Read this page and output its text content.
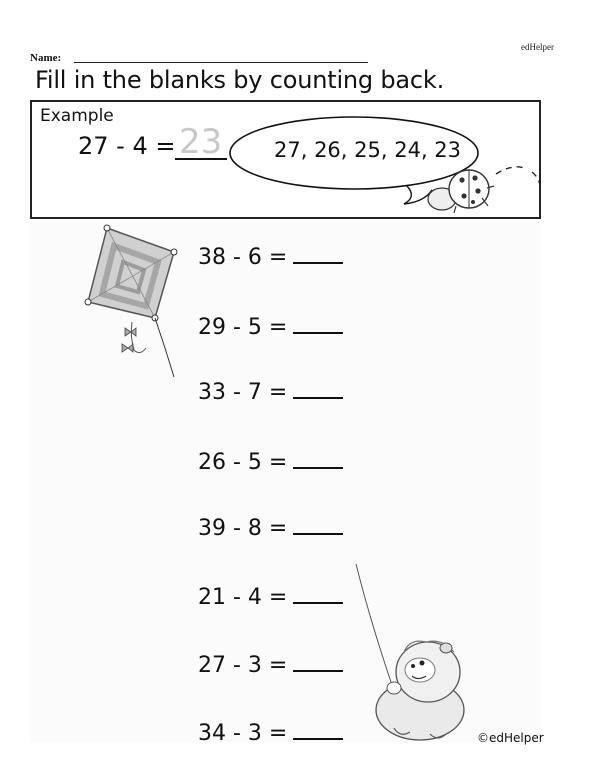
edHelper
Name:
Fill in the blanks by counting back.
Example
27 - 4 = 23 27, 26, 25, 24, 23
38 - 6 =
29 - 5 =
33 - 7 =
26 - 5 =
39 - 8 =
21 - 4 =
27 - 3 =
34 - 3 =	©edHelper
